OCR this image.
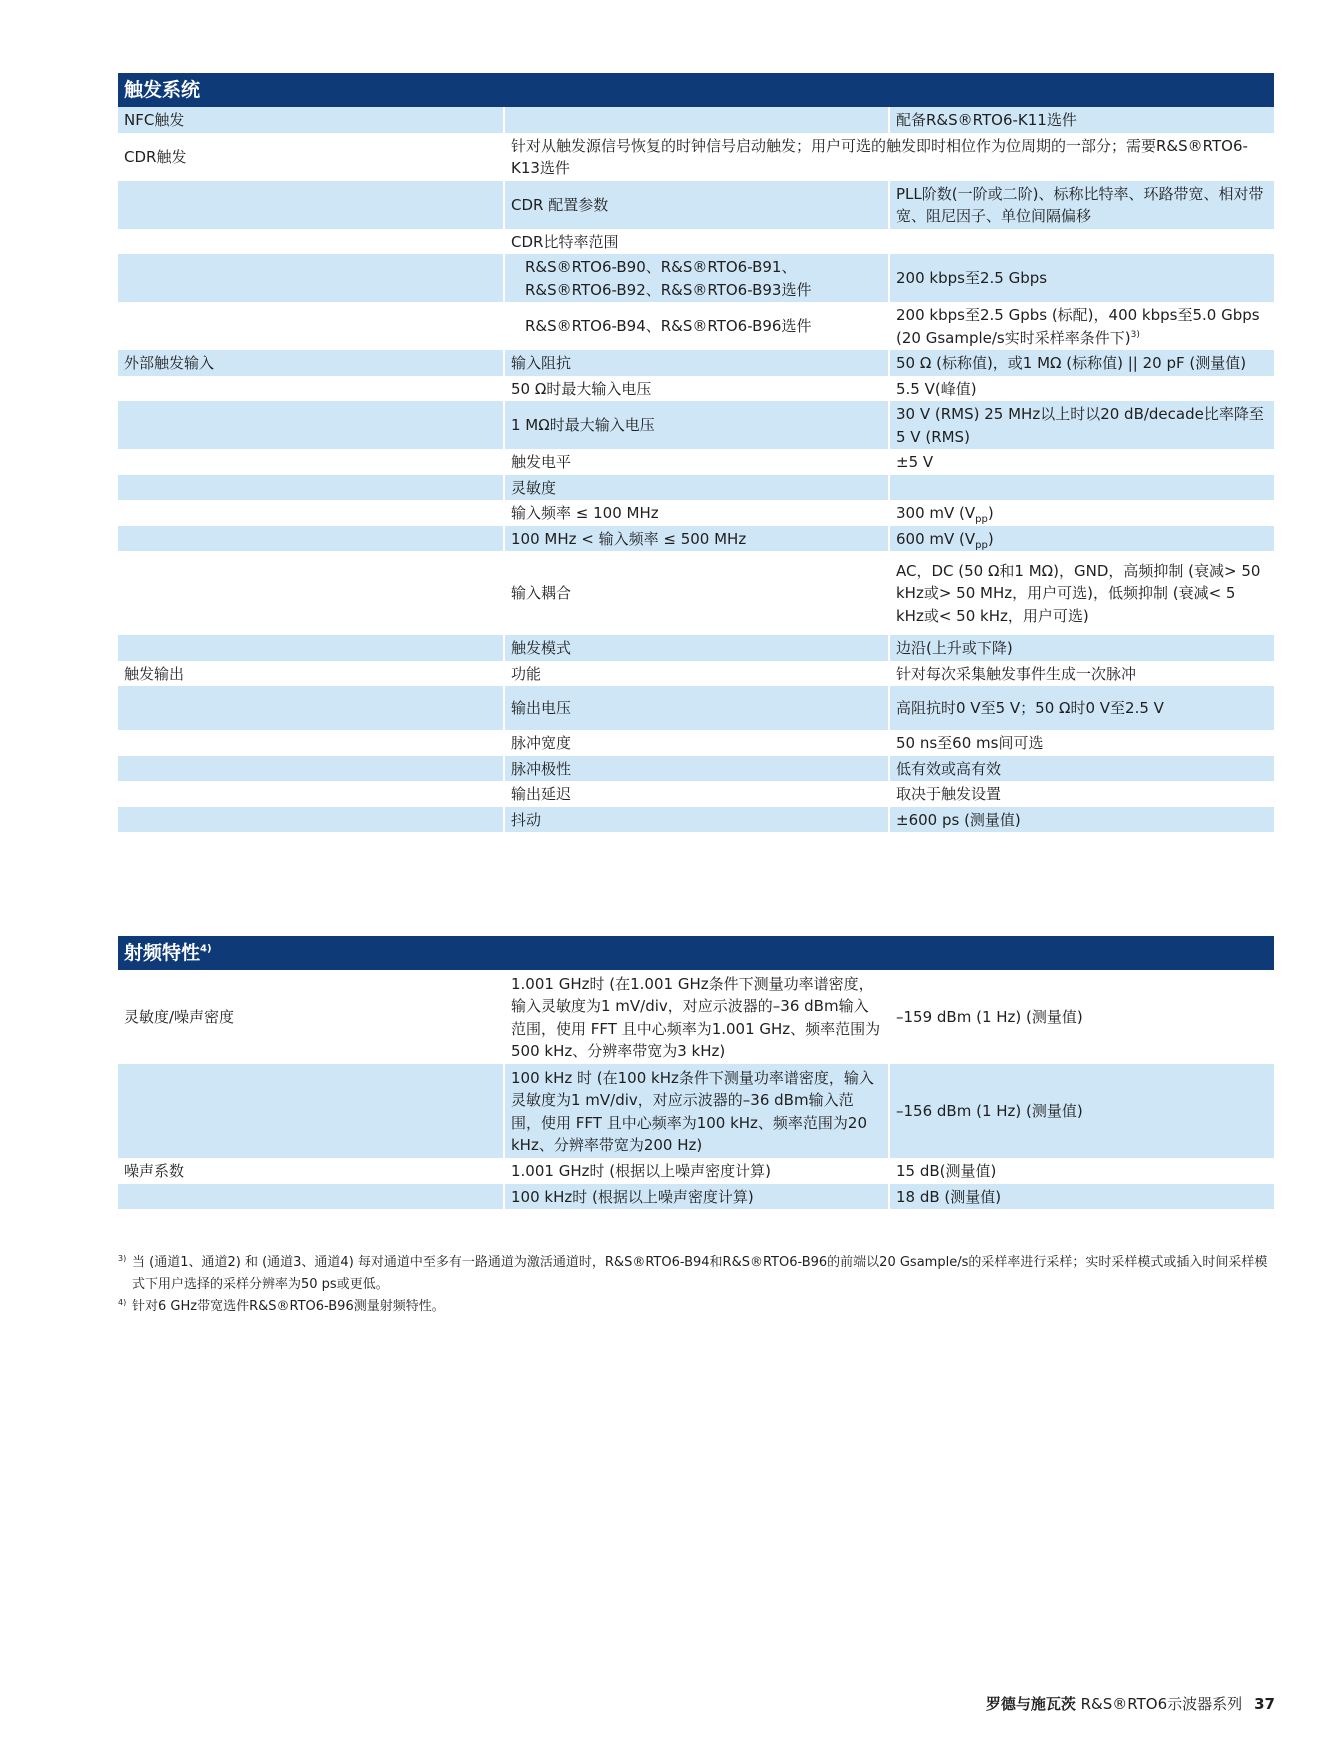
触发系统
NFC触发		配备R&S®RTO6-K11选件
CDR触发	针对从触发源信号恢复的时钟信号启动触发；用户可选的触发即时相位作为位周期的一部分；需要R&S®RTO6-K13选件	
	CDR 配置参数	PLL阶数(一阶或二阶)、标称比特率、环路带宽、相对带宽、阻尼因子、单位间隔偏移
	CDR比特率范围	
	R&S®RTO6-B90、R&S®RTO6-B91、R&S®RTO6-B92、R&S®RTO6-B93选件	200 kbps至2.5 Gbps
	R&S®RTO6-B94、R&S®RTO6-B96选件	200 kbps至2.5 Gpbs (标配)，400 kbps至5.0 Gbps (20 Gsample/s实时采样率条件下)$^{3)}$
外部触发输入	输入阻抗	50 Ω (标称值)，或1 MΩ (标称值) || 20 pF (测量值)
	50 Ω时最大输入电压	5.5 V(峰值)
	1 MΩ时最大输入电压	30 V (RMS) 25 MHz以上时以20 dB/decade比率降至5 V (RMS)
	触发电平	±5 V
	灵敏度	
	输入频率 ≤ 100 MHz	300 mV $(V_{pp})$
	100 MHz < 输入频率 ≤ 500 MHz	600 mV $(V_{pp})$
	输入耦合	AC，DC (50 Ω和1 MΩ)，GND，高频抑制 (衰减> 50 kHz或> 50 MHz，用户可选)，低频抑制 (衰减< 5 kHz或< 50 kHz，用户可选)
	触发模式	边沿(上升或下降)
触发输出	功能	针对每次采集触发事件生成一次脉冲
	输出电压	高阻抗时0 V至5 V；50 Ω时0 V至2.5 V
	脉冲宽度	50 ns至60 ms间可选
	脉冲极性	低有效或高有效
	输出延迟	取决于触发设置
	抖动	±600 ps (测量值)
射频特性$^{4)}$
灵敏度/噪声密度	1.001 GHz时 (在1.001 GHz条件下测量功率谱密度，输入灵敏度为1 mV/div，对应示波器的–36 dBm输入范围，使用 FFT 且中心频率为1.001 GHz、频率范围为500 kHz、分辨率带宽为3 kHz)	–159 dBm (1 Hz) (测量值)
	100 kHz 时 (在100 kHz条件下测量功率谱密度，输入灵敏度为1 mV/div，对应示波器的–36 dBm输入范围，使用 FFT 且中心频率为100 kHz、频率范围为20 kHz、分辨率带宽为200 Hz)	–156 dBm (1 Hz) (测量值)
噪声系数	1.001 GHz时 (根据以上噪声密度计算)	15 dB(测量值)
	100 kHz时 (根据以上噪声密度计算)	18 dB (测量值)
3) 当 (通道1、通道2) 和 (通道3、通道4) 每对通道中至多有一路通道为激活通道时，R&S®RTO6-B94和R&S®RTO6-B96的前端以20 Gsample/s的采样率进行采样；实时采样模式或插入时间采样模式下用户选择的采样分辨率为50 ps或更低。
4) 针对6 GHz带宽选件R&S®RTO6-B96测量射频特性。
罗德与施瓦茨 R&S®RTO6示波器系列 37
